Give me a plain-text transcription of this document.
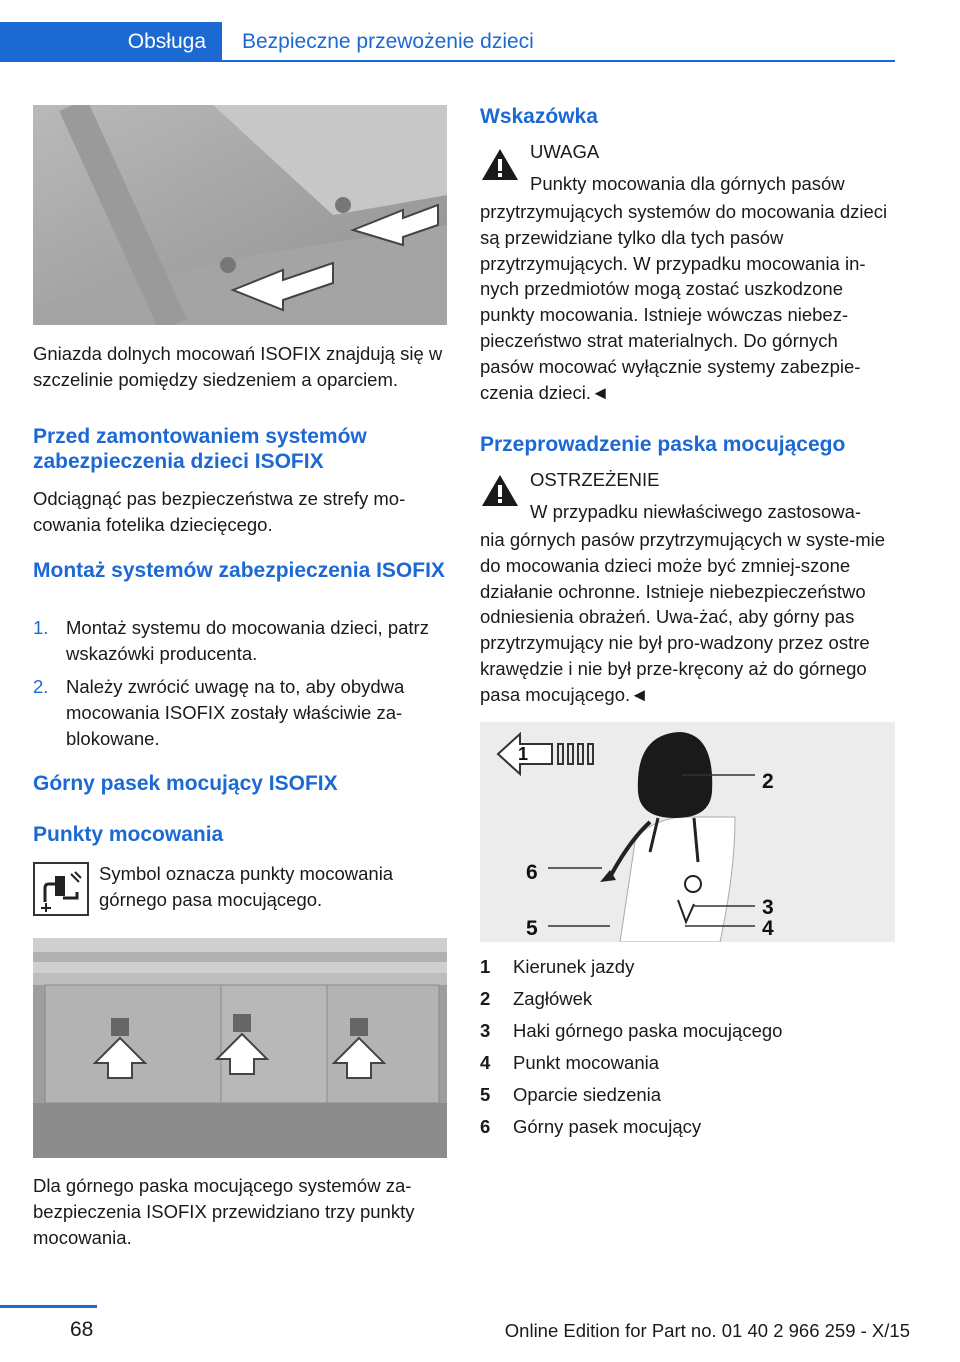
Obsługa Bezpieczne przewożenie dzieci
Gniazda dolnych mocowań ISOFIX znajdują się w szczelinie pomiędzy siedzeniem a oparciem.
Przed zamontowaniem systemów zabezpieczenia dzieci ISOFIX
Odciągnąć pas bezpieczeństwa ze strefy mo‐cowania fotelika dziecięcego.
Montaż systemów zabezpieczenia ISOFIX
1. Montaż systemu do mocowania dzieci, patrz wskazówki producenta.
2. Należy zwrócić uwagę na to, aby obydwa mocowania ISOFIX zostały właściwie za‐blokowane.
Górny pasek mocujący ISOFIX
Punkty mocowania
Symbol oznacza punkty mocowania górnego pasa mocującego.
Dla górnego paska mocującego systemów za‐bezpieczenia ISOFIX przewidziano trzy punkty mocowania.
Wskazówka
UWAGA
Punkty mocowania dla górnych pasów
przytrzymujących systemów do mocowania dzieci są przewidziane tylko dla tych pasów przytrzymujących. W przypadku mocowania in‐nych przedmiotów mogą zostać uszkodzone punkty mocowania. Istnieje wówczas niebez‐pieczeństwo strat materialnych. Do górnych pasów mocować wyłącznie systemy zabezpie‐czenia dzieci.◄
Przeprowadzenie paska mocującego
OSTRZEŻENIE
W przypadku niewłaściwego zastosowa‐
nia górnych pasów przytrzymujących w syste‐mie do mocowania dzieci może być zmniej‐szone działanie ochronne. Istnieje niebezpieczeństwo odniesienia obrażeń. Uwa‐żać, aby górny pas przytrzymujący nie był pro‐wadzony przez ostre krawędzie i nie był prze‐kręcony aż do górnego pasa mocującego.◄
1
2
3
4
5
6
1	Kierunek jazdy
2	Zagłówek
3	Haki górnego paska mocującego
4	Punkt mocowania
5	Oparcie siedzenia
6	Górny pasek mocujący
68	Online Edition for Part no. 01 40 2 966 259 - X/15
